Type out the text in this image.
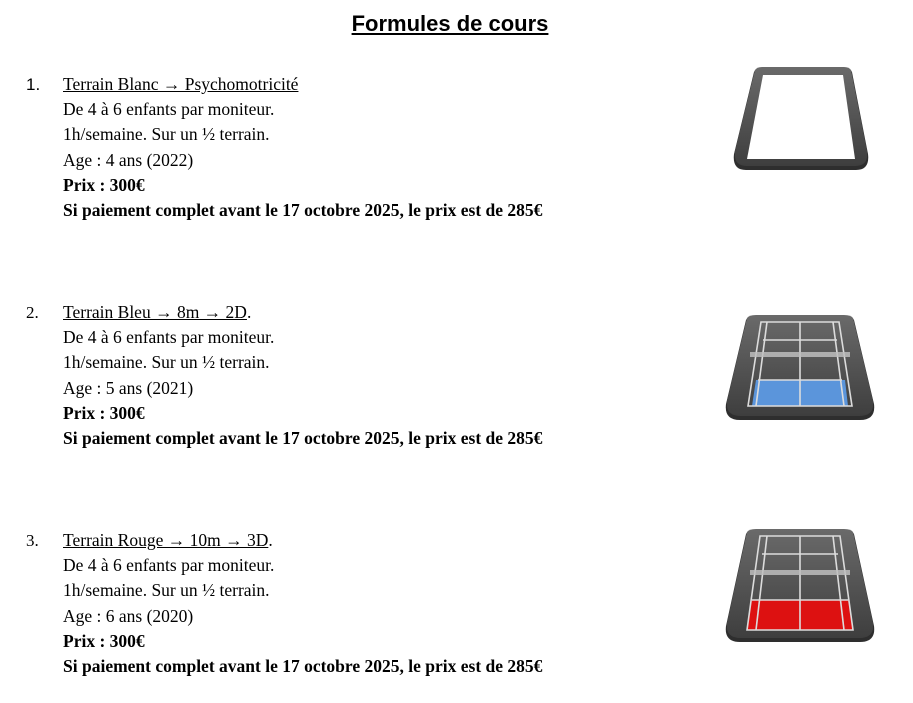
Formules de cours
1. Terrain Blanc → Psychomotricité
De 4 à 6 enfants par moniteur.
1h/semaine. Sur un ½ terrain.
Age : 4 ans (2022)
Prix : 300€
Si paiement complet avant le 17 octobre 2025, le prix est de 285€
2. Terrain Bleu → 8m → 2D.
De 4 à 6 enfants par moniteur.
1h/semaine. Sur un ½ terrain.
Age : 5 ans (2021)
Prix : 300€
Si paiement complet avant le 17 octobre 2025, le prix est de 285€
3. Terrain Rouge → 10m → 3D.
De 4 à 6 enfants par moniteur.
1h/semaine. Sur un ½ terrain.
Age : 6 ans (2020)
Prix : 300€
Si paiement complet avant le 17 octobre 2025, le prix est de 285€
